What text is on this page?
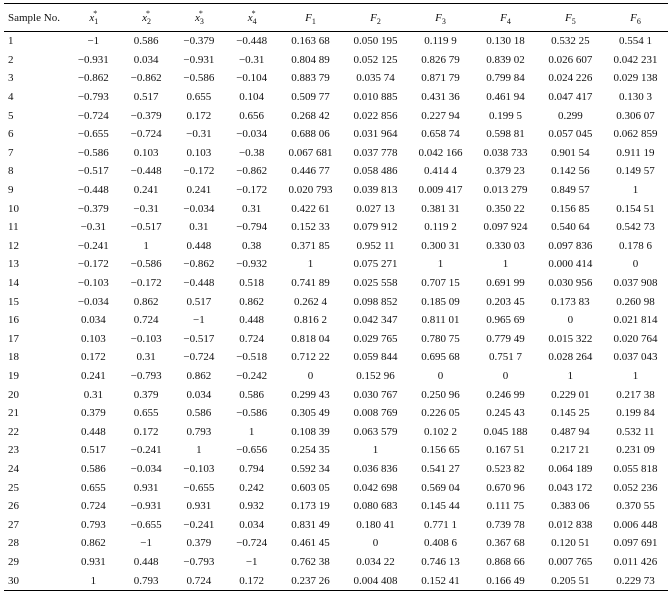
Sample No.	$x_1^*$	$x_2^*$	$x_3^*$	$x_4^*$	$F_1$	$F_2$	$F_3$	$F_4$	$F_5$	$F_6$
1	−1	0.586	−0.379	−0.448	0.163 68	0.050 195	0.119 9	0.130 18	0.532 25	0.554 1
2	−0.931	0.034	−0.931	−0.31	0.804 89	0.052 125	0.826 79	0.839 02	0.026 607	0.042 231
3	−0.862	−0.862	−0.586	−0.104	0.883 79	0.035 74	0.871 79	0.799 84	0.024 226	0.029 138
4	−0.793	0.517	0.655	0.104	0.509 77	0.010 885	0.431 36	0.461 94	0.047 417	0.130 3
5	−0.724	−0.379	0.172	0.656	0.268 42	0.022 856	0.227 94	0.199 5	0.299	0.306 07
6	−0.655	−0.724	−0.31	−0.034	0.688 06	0.031 964	0.658 74	0.598 81	0.057 045	0.062 859
7	−0.586	0.103	0.103	−0.38	0.067 681	0.037 778	0.042 166	0.038 733	0.901 54	0.911 19
8	−0.517	−0.448	−0.172	−0.862	0.446 77	0.058 486	0.414 4	0.379 23	0.142 56	0.149 57
9	−0.448	0.241	0.241	−0.172	0.020 793	0.039 813	0.009 417	0.013 279	0.849 57	1
10	−0.379	−0.31	−0.034	0.31	0.422 61	0.027 13	0.381 31	0.350 22	0.156 85	0.154 51
11	−0.31	−0.517	0.31	−0.794	0.152 33	0.079 912	0.119 2	0.097 924	0.540 64	0.542 73
12	−0.241	1	0.448	0.38	0.371 85	0.952 11	0.300 31	0.330 03	0.097 836	0.178 6
13	−0.172	−0.586	−0.862	−0.932	1	0.075 271	1	1	0.000 414	0
14	−0.103	−0.172	−0.448	0.518	0.741 89	0.025 558	0.707 15	0.691 99	0.030 956	0.037 908
15	−0.034	0.862	0.517	0.862	0.262 4	0.098 852	0.185 09	0.203 45	0.173 83	0.260 98
16	0.034	0.724	−1	0.448	0.816 2	0.042 347	0.811 01	0.965 69	0	0.021 814
17	0.103	−0.103	−0.517	0.724	0.818 04	0.029 765	0.780 75	0.779 49	0.015 322	0.020 764
18	0.172	0.31	−0.724	−0.518	0.712 22	0.059 844	0.695 68	0.751 7	0.028 264	0.037 043
19	0.241	−0.793	0.862	−0.242	0	0.152 96	0	0	1	1
20	0.31	0.379	0.034	0.586	0.299 43	0.030 767	0.250 96	0.246 99	0.229 01	0.217 38
21	0.379	0.655	0.586	−0.586	0.305 49	0.008 769	0.226 05	0.245 43	0.145 25	0.199 84
22	0.448	0.172	0.793	1	0.108 39	0.063 579	0.102 2	0.045 188	0.487 94	0.532 11
23	0.517	−0.241	1	−0.656	0.254 35	1	0.156 65	0.167 51	0.217 21	0.231 09
24	0.586	−0.034	−0.103	0.794	0.592 34	0.036 836	0.541 27	0.523 82	0.064 189	0.055 818
25	0.655	0.931	−0.655	0.242	0.603 05	0.042 698	0.569 04	0.670 96	0.043 172	0.052 236
26	0.724	−0.931	0.931	0.932	0.173 19	0.080 683	0.145 44	0.111 75	0.383 06	0.370 55
27	0.793	−0.655	−0.241	0.034	0.831 49	0.180 41	0.771 1	0.739 78	0.012 838	0.006 448
28	0.862	−1	0.379	−0.724	0.461 45	0	0.408 6	0.367 68	0.120 51	0.097 691
29	0.931	0.448	−0.793	−1	0.762 38	0.034 22	0.746 13	0.868 66	0.007 765	0.011 426
30	1	0.793	0.724	0.172	0.237 26	0.004 408	0.152 41	0.166 49	0.205 51	0.229 73
